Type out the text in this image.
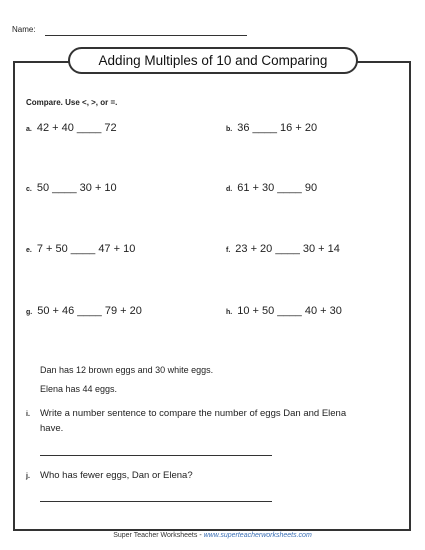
Name:
Adding Multiples of 10 and Comparing
Compare. Use <, >, or =.
a. 42 + 40 ____ 72	b. 36 ____ 16 + 20
c. 50 ____ 30 + 10	d. 61 + 30 ____ 90
e. 7 + 50 ____ 47 + 10	f. 23 + 20 ____ 30 + 14
g. 50 + 46 ____ 79 + 20	h. 10 + 50 ____ 40 + 30
Dan has 12 brown eggs and 30 white eggs.
Elena has 44 eggs.
i. Write a number sentence to compare the number of eggs Dan and Elena have.
j. Who has fewer eggs, Dan or Elena?
Super Teacher Worksheets - www.superteacherworksheets.com
